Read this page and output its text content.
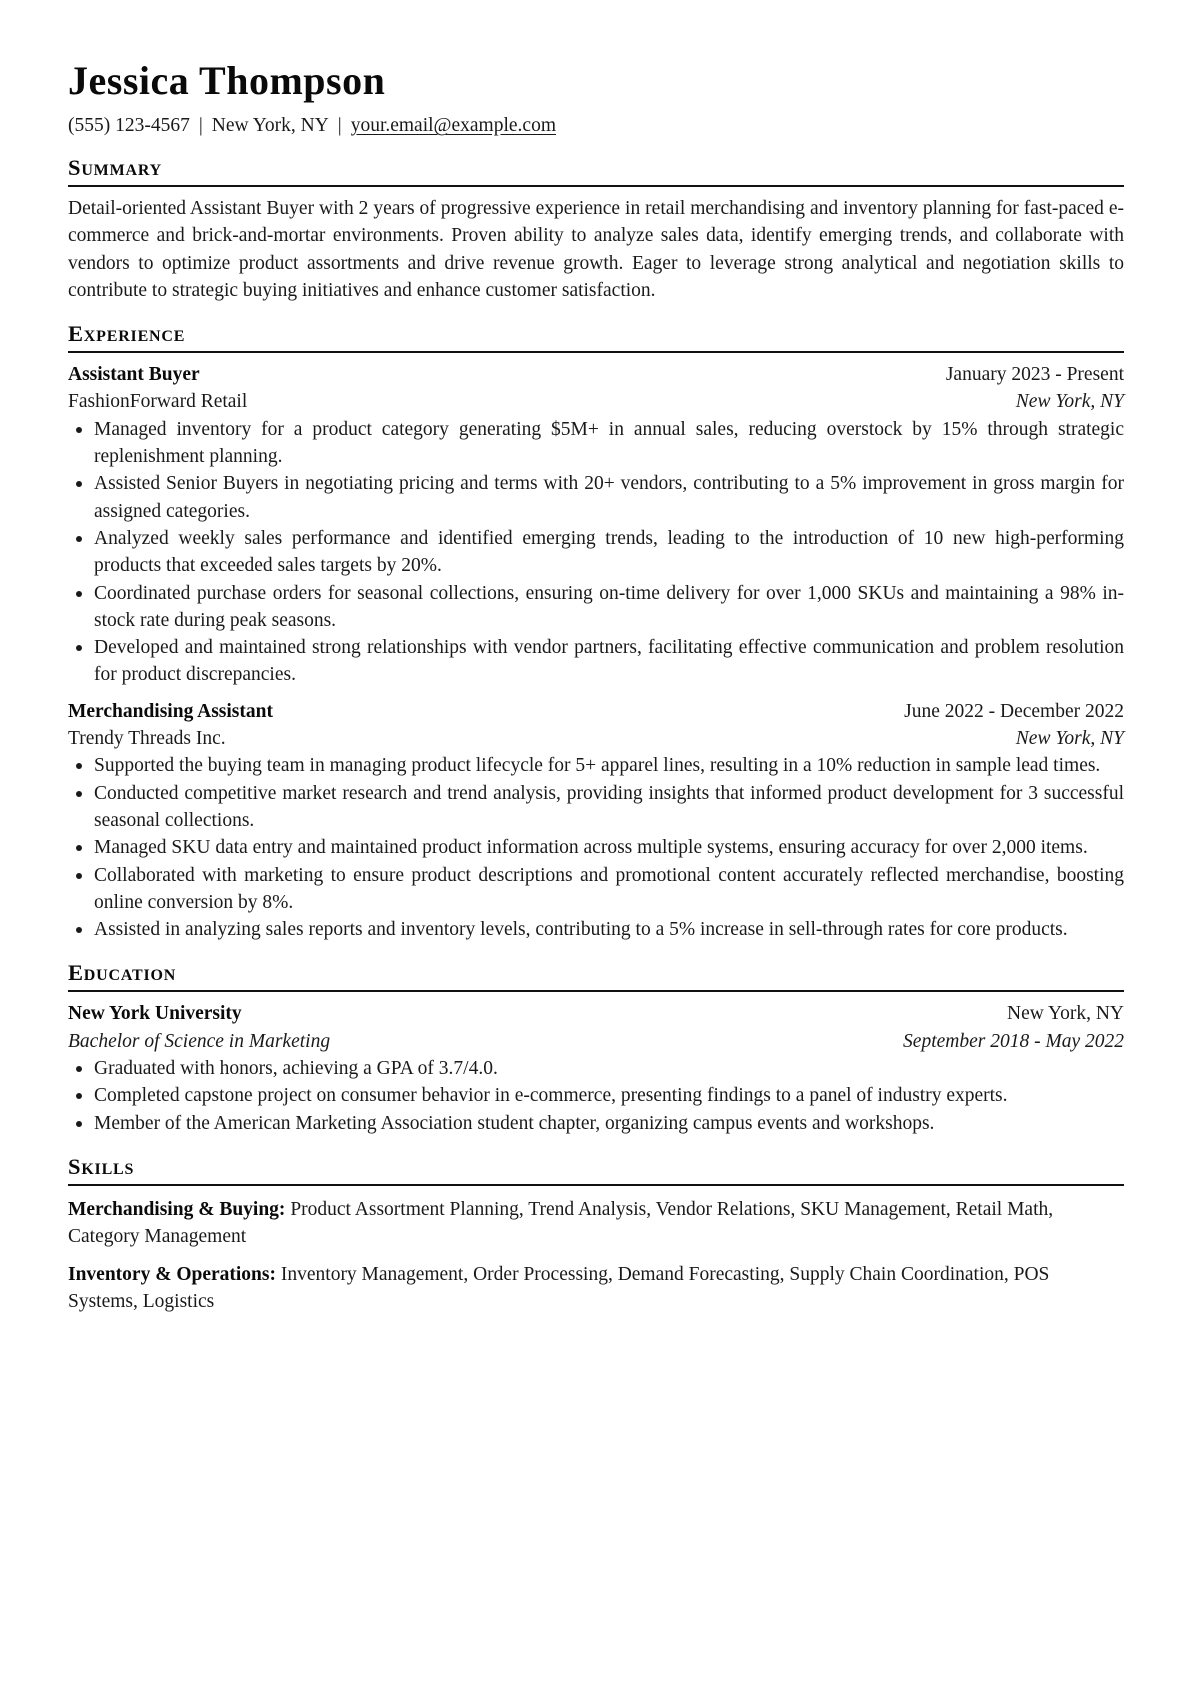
Jessica Thompson
(555) 123-4567 | New York, NY | your.email@example.com
Summary
Detail-oriented Assistant Buyer with 2 years of progressive experience in retail merchandising and inventory planning for fast-paced e-commerce and brick-and-mortar environments. Proven ability to analyze sales data, identify emerging trends, and collaborate with vendors to optimize product assortments and drive revenue growth. Eager to leverage strong analytical and negotiation skills to contribute to strategic buying initiatives and enhance customer satisfaction.
Experience
Assistant Buyer	January 2023 - Present
FashionForward Retail	New York, NY
Managed inventory for a product category generating $5M+ in annual sales, reducing overstock by 15% through strategic replenishment planning.
Assisted Senior Buyers in negotiating pricing and terms with 20+ vendors, contributing to a 5% improvement in gross margin for assigned categories.
Analyzed weekly sales performance and identified emerging trends, leading to the introduction of 10 new high-performing products that exceeded sales targets by 20%.
Coordinated purchase orders for seasonal collections, ensuring on-time delivery for over 1,000 SKUs and maintaining a 98% in-stock rate during peak seasons.
Developed and maintained strong relationships with vendor partners, facilitating effective communication and problem resolution for product discrepancies.
Merchandising Assistant	June 2022 - December 2022
Trendy Threads Inc.	New York, NY
Supported the buying team in managing product lifecycle for 5+ apparel lines, resulting in a 10% reduction in sample lead times.
Conducted competitive market research and trend analysis, providing insights that informed product development for 3 successful seasonal collections.
Managed SKU data entry and maintained product information across multiple systems, ensuring accuracy for over 2,000 items.
Collaborated with marketing to ensure product descriptions and promotional content accurately reflected merchandise, boosting online conversion by 8%.
Assisted in analyzing sales reports and inventory levels, contributing to a 5% increase in sell-through rates for core products.
Education
New York University	New York, NY
Bachelor of Science in Marketing	September 2018 - May 2022
Graduated with honors, achieving a GPA of 3.7/4.0.
Completed capstone project on consumer behavior in e-commerce, presenting findings to a panel of industry experts.
Member of the American Marketing Association student chapter, organizing campus events and workshops.
Skills
Merchandising & Buying: Product Assortment Planning, Trend Analysis, Vendor Relations, SKU Management, Retail Math, Category Management
Inventory & Operations: Inventory Management, Order Processing, Demand Forecasting, Supply Chain Coordination, POS Systems, Logistics
